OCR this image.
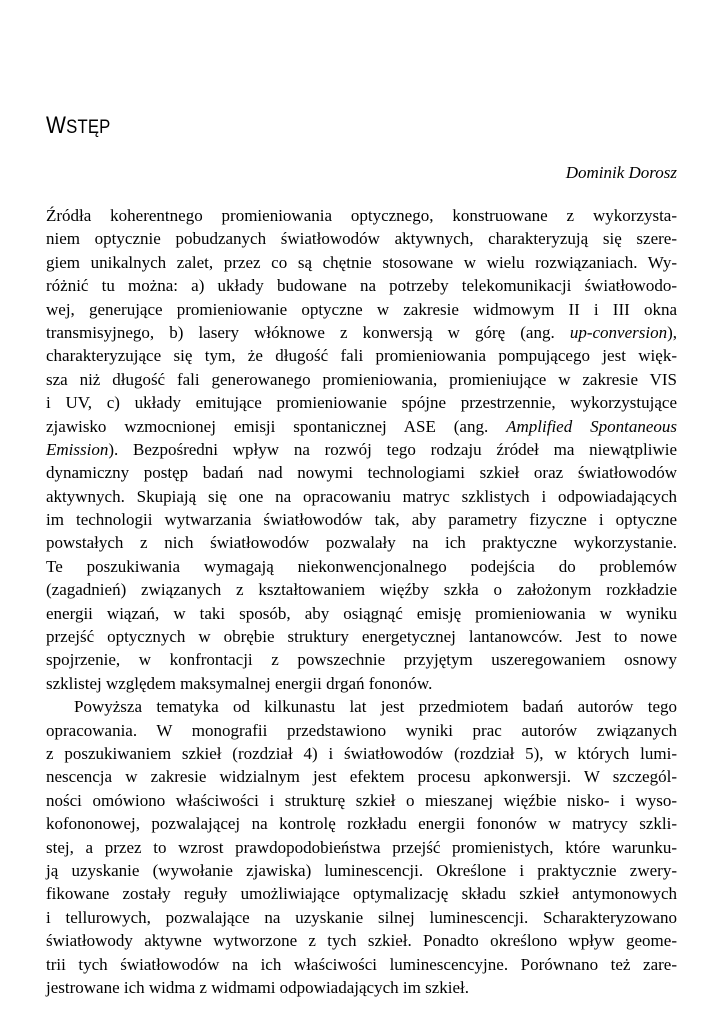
WSTĘP

Dominik Dorosz

Źródła koherentnego promieniowania optycznego, konstruowane z wykorzysta-
niem optycznie pobudzanych światłowodów aktywnych, charakteryzują się szere-
giem unikalnych zalet, przez co są chętnie stosowane w wielu rozwiązaniach. Wy-
różnić tu można: a) układy budowane na potrzeby telekomunikacji światłowodo-
wej, generujące promieniowanie optyczne w zakresie widmowym II i III okna
transmisyjnego, b) lasery włóknowe z konwersją w górę (ang. up-conversion),
charakteryzujące się tym, że długość fali promieniowania pompującego jest więk-
sza niż długość fali generowanego promieniowania, promieniujące w zakresie VIS
i UV, c) układy emitujące promieniowanie spójne przestrzennie, wykorzystujące
zjawisko wzmocnionej emisji spontanicznej ASE (ang. Amplified Spontaneous
Emission). Bezpośredni wpływ na rozwój tego rodzaju źródeł ma niewątpliwie
dynamiczny postęp badań nad nowymi technologiami szkieł oraz światłowodów
aktywnych. Skupiają się one na opracowaniu matryc szklistych i odpowiadających
im technologii wytwarzania światłowodów tak, aby parametry fizyczne i optyczne
powstałych z nich światłowodów pozwalały na ich praktyczne wykorzystanie.
Te poszukiwania wymagają niekonwencjonalnego podejścia do problemów
(zagadnień) związanych z kształtowaniem więźby szkła o założonym rozkładzie
energii wiązań, w taki sposób, aby osiągnąć emisję promieniowania w wyniku
przejść optycznych w obrębie struktury energetycznej lantanowców. Jest to nowe
spojrzenie, w konfrontacji z powszechnie przyjętym uszeregowaniem osnowy
szklistej względem maksymalnej energii drgań fononów.
Powyższa tematyka od kilkunastu lat jest przedmiotem badań autorów tego
opracowania. W monografii przedstawiono wyniki prac autorów związanych
z poszukiwaniem szkieł (rozdział 4) i światłowodów (rozdział 5), w których lumi-
nescencja w zakresie widzialnym jest efektem procesu apkonwersji. W szczegól-
ności omówiono właściwości i strukturę szkieł o mieszanej więźbie nisko- i wyso-
kofononowej, pozwalającej na kontrolę rozkładu energii fononów w matrycy szkli-
stej, a przez to wzrost prawdopodobieństwa przejść promienistych, które warunku-
ją uzyskanie (wywołanie zjawiska) luminescencji. Określone i praktycznie zwery-
fikowane zostały reguły umożliwiające optymalizację składu szkieł antymonowych
i tellurowych, pozwalające na uzyskanie silnej luminescencji. Scharakteryzowano
światłowody aktywne wytworzone z tych szkieł. Ponadto określono wpływ geome-
trii tych światłowodów na ich właściwości luminescencyjne. Porównano też zare-
jestrowane ich widma z widmami odpowiadających im szkieł.
